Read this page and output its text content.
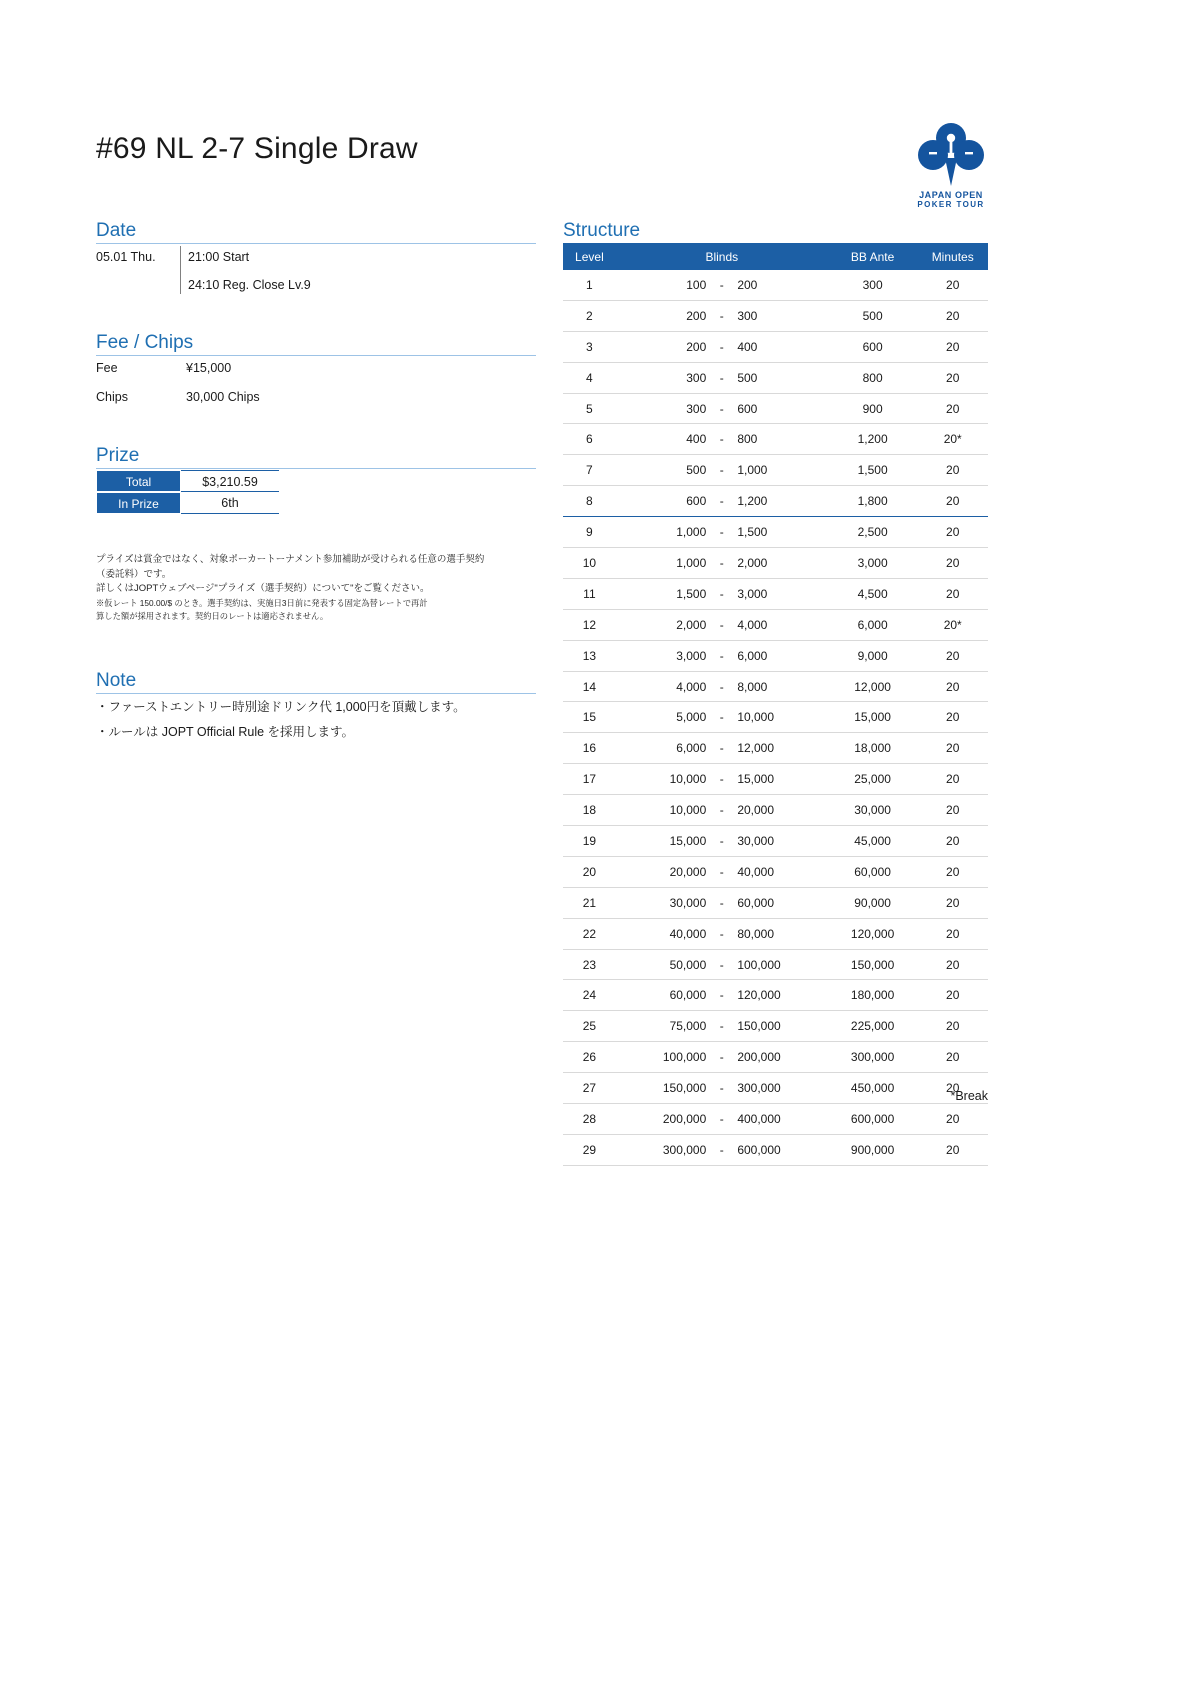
#69 NL 2-7 Single Draw
JAPAN OPEN
POKER TOUR
Date
05.01 Thu.	21:00 Start
24:10 Reg. Close Lv.9
Fee / Chips
Fee	¥15,000
Chips	30,000 Chips
Prize
Total	$3,210.59
In Prize	6th
プライズは賞金ではなく、対象ポーカートーナメント参加補助が受けられる任意の選手契約
（委託料）です。
詳しくはJOPTウェブページ"プライズ（選手契約）について"をご覧ください。
※仮レート 150.00/$ のとき。選手契約は、実施日3日前に発表する固定為替レートで再計
算した額が採用されます。契約日のレートは適応されません。
Note
・ファーストエントリー時別途ドリンク代 1,000円を頂戴します。
・ルールは JOPT Official Rule を採用します。
Structure
Level	Blinds			BB Ante	Minutes
1	100	-	200	300	20
2	200	-	300	500	20
3	200	-	400	600	20
4	300	-	500	800	20
5	300	-	600	900	20
6	400	-	800	1,200	20*
7	500	-	1,000	1,500	20
8	600	-	1,200	1,800	20
9	1,000	-	1,500	2,500	20
10	1,000	-	2,000	3,000	20
11	1,500	-	3,000	4,500	20
12	2,000	-	4,000	6,000	20*
13	3,000	-	6,000	9,000	20
14	4,000	-	8,000	12,000	20
15	5,000	-	10,000	15,000	20
16	6,000	-	12,000	18,000	20
17	10,000	-	15,000	25,000	20
18	10,000	-	20,000	30,000	20
19	15,000	-	30,000	45,000	20
20	20,000	-	40,000	60,000	20
21	30,000	-	60,000	90,000	20
22	40,000	-	80,000	120,000	20
23	50,000	-	100,000	150,000	20
24	60,000	-	120,000	180,000	20
25	75,000	-	150,000	225,000	20
26	100,000	-	200,000	300,000	20
27	150,000	-	300,000	450,000	20
28	200,000	-	400,000	600,000	20
29	300,000	-	600,000	900,000	20
*Break
